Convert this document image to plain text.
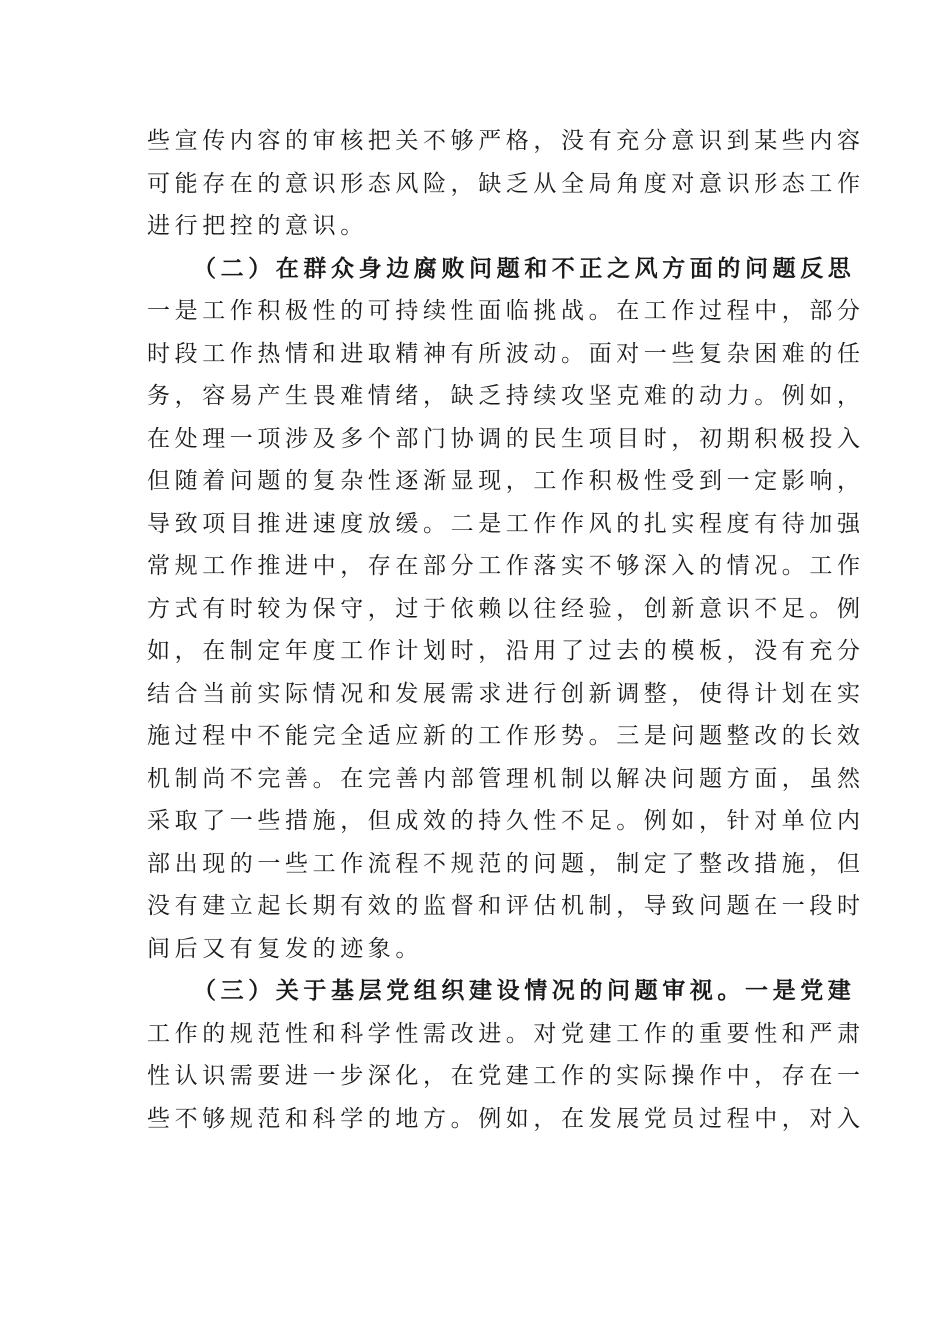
些宣传内容的审核把关不够严格，没有充分意识到某些内容
可能存在的意识形态风险，缺乏从全局角度对意识形态工作
进行把控的意识。
（二）在群众身边腐败问题和不正之风方面的问题反思
一是工作积极性的可持续性面临挑战。在工作过程中，部分
时段工作热情和进取精神有所波动。面对一些复杂困难的任
务，容易产生畏难情绪，缺乏持续攻坚克难的动力。例如，
在处理一项涉及多个部门协调的民生项目时，初期积极投入
但随着问题的复杂性逐渐显现，工作积极性受到一定影响，
导致项目推进速度放缓。二是工作作风的扎实程度有待加强
常规工作推进中，存在部分工作落实不够深入的情况。工作
方式有时较为保守，过于依赖以往经验，创新意识不足。例
如，在制定年度工作计划时，沿用了过去的模板，没有充分
结合当前实际情况和发展需求进行创新调整，使得计划在实
施过程中不能完全适应新的工作形势。三是问题整改的长效
机制尚不完善。在完善内部管理机制以解决问题方面，虽然
采取了一些措施，但成效的持久性不足。例如，针对单位内
部出现的一些工作流程不规范的问题，制定了整改措施，但
没有建立起长期有效的监督和评估机制，导致问题在一段时
间后又有复发的迹象。
（三）关于基层党组织建设情况的问题审视。一是党建
工作的规范性和科学性需改进。对党建工作的重要性和严肃
性认识需要进一步深化，在党建工作的实际操作中，存在一
些不够规范和科学的地方。例如，在发展党员过程中，对入
